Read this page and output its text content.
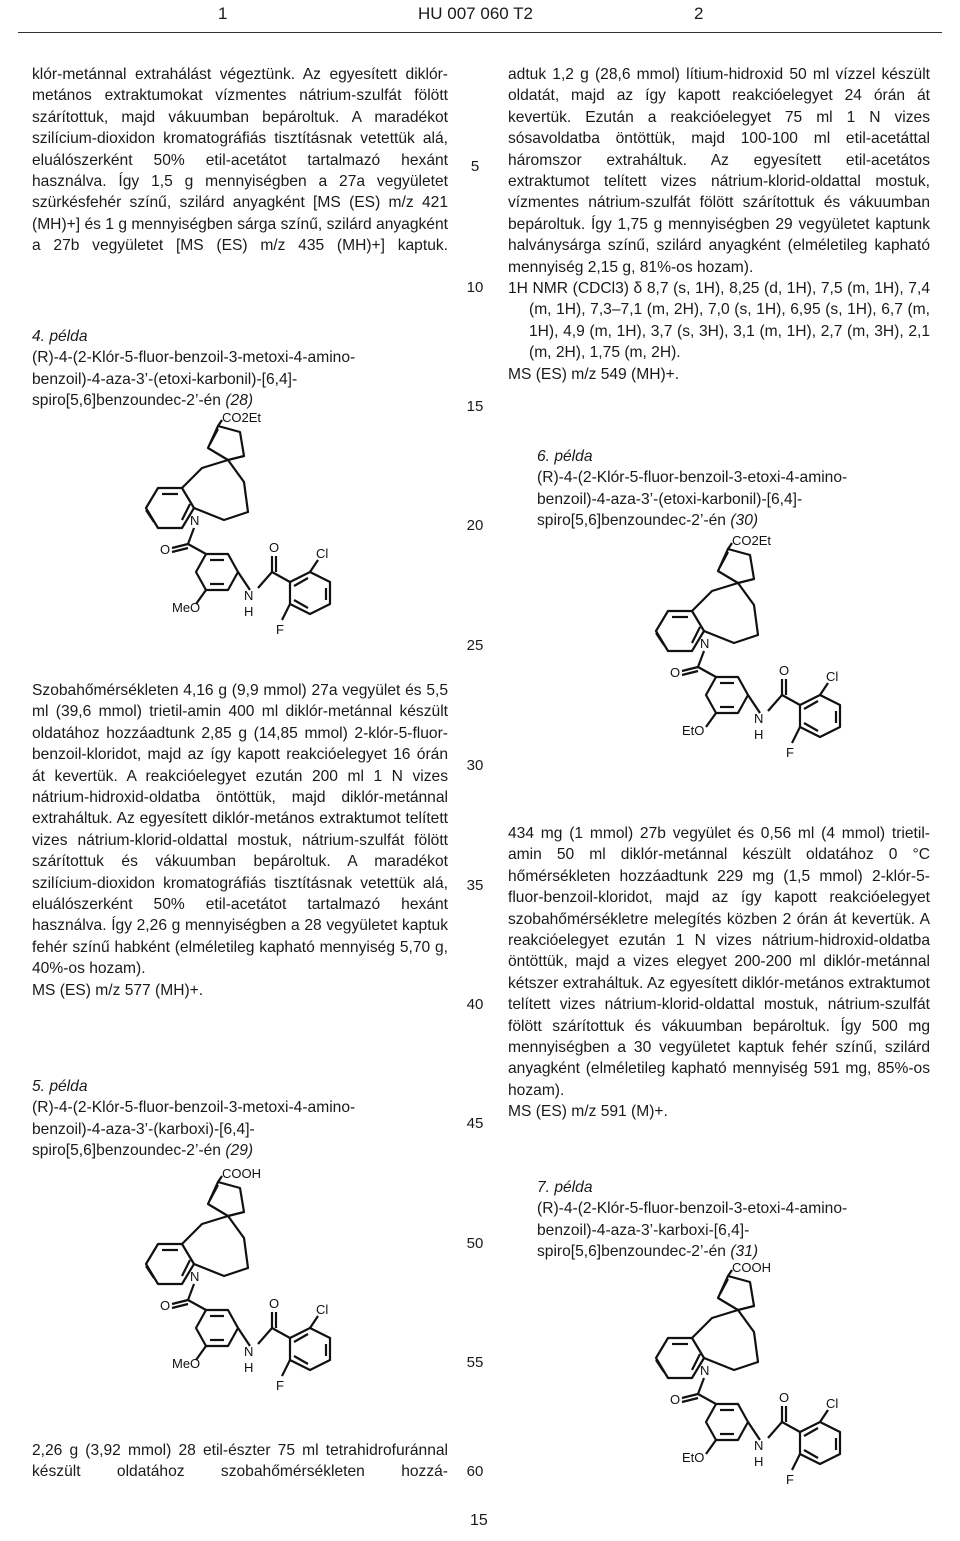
1	HU 007 060 T2	2
5
10
15
20
25
30
35
40
45
50
55
60

klór-metánnal extrahálást végeztünk. Az egyesített diklór-metános extraktumokat vízmentes nátrium-szulfát fölött szárítottuk, majd vákuumban bepároltuk. A maradékot szilícium-dioxidon kromatográfiás tisztításnak vetettük alá, eluálószerként 50% etil-acetátot tartalmazó hexánt használva. Így 1,5 g mennyiségben a 27a vegyületet szürkésfehér színű, szilárd anyagként [MS (ES) m/z 421 (MH)+] és 1 g mennyiségben sárga színű, szilárd anyagként a 27b vegyületet [MS (ES) m/z 435 (MH)+] kaptuk.

4. példa
(R)-4-(2-Klór-5-fluor-benzoil-3-metoxi-4-amino-
benzoil)-4-aza-3’-(etoxi-karbonil)-[6,4]-
spiro[5,6]benzoundec-2’-én (28)
CO2Et
N
O
MeO
N
H
O	Cl
F

Szobahőmérsékleten 4,16 g (9,9 mmol) 27a vegyület és 5,5 ml (39,6 mmol) trietil-amin 400 ml diklór-metánnal készült oldatához hozzáadtunk 2,85 g (14,85 mmol) 2-klór-5-fluor-benzoil-kloridot, majd az így kapott reakcióelegyet 16 órán át kevertük. A reakcióelegyet ezután 200 ml 1 N vizes nátrium-hidroxid-oldatba öntöttük, majd diklór-metánnal extraháltuk. Az egyesített diklór-metános extraktumot telített vizes nátrium-klorid-oldattal mostuk, nátrium-szulfát fölött szárítottuk és vákuumban bepároltuk. A maradékot szilícium-dioxidon kromatográfiás tisztításnak vetettük alá, eluálószerként 50% etil-acetátot tartalmazó hexánt használva. Így 2,26 g mennyiségben a 28 vegyületet kaptuk fehér színű habként (elméletileg kapható mennyiség 5,70 g, 40%-os hozam).

MS (ES) m/z 577 (MH)+.

5. példa
(R)-4-(2-Klór-5-fluor-benzoil-3-metoxi-4-amino-
benzoil)-4-aza-3’-(karboxi)-[6,4]-
spiro[5,6]benzoundec-2’-én (29)
COOH
N
O
MeO
N
H
O	Cl
F

2,26 g (3,92 mmol) 28 etil-észter 75 ml tetrahidrofuránnal készült oldatához szobahőmérsékleten hozzá-

adtuk 1,2 g (28,6 mmol) lítium-hidroxid 50 ml vízzel készült oldatát, majd az így kapott reakcióelegyet 24 órán át kevertük. Ezután a reakcióelegyet 75 ml 1 N vizes sósavoldatba öntöttük, majd 100-100 ml etil-acetáttal háromszor extraháltuk. Az egyesített etil-acetátos extraktumot telített vizes nátrium-klorid-oldattal mostuk, vízmentes nátrium-szulfát fölött szárítottuk és vákuumban bepároltuk. Így 1,75 g mennyiségben 29 vegyületet kaptunk halványsárga színű, szilárd anyagként (elméletileg kapható mennyiség 2,15 g, 81%-os hozam).

1H NMR (CDCl3) δ 8,7 (s, 1H), 8,25 (d, 1H), 7,5 (m, 1H), 7,4 (m, 1H), 7,3–7,1 (m, 2H), 7,0 (s, 1H), 6,95 (s, 1H), 6,7 (m, 1H), 4,9 (m, 1H), 3,7 (s, 3H), 3,1 (m, 1H), 2,7 (m, 3H), 2,1 (m, 2H), 1,75 (m, 2H).

MS (ES) m/z 549 (MH)+.

6. példa
(R)-4-(2-Klór-5-fluor-benzoil-3-etoxi-4-amino-
benzoil)-4-aza-3’-(etoxi-karbonil)-[6,4]-
spiro[5,6]benzoundec-2’-én (30)
CO2Et
N
O
EtO
N
H
O	Cl
F

434 mg (1 mmol) 27b vegyület és 0,56 ml (4 mmol) trietil-amin 50 ml diklór-metánnal készült oldatához 0 °C hőmérsékleten hozzáadtunk 229 mg (1,5 mmol) 2-klór-5-fluor-benzoil-kloridot, majd az így kapott reakcióelegyet szobahőmérsékletre melegítés közben 2 órán át kevertük. A reakcióelegyet ezután 1 N vizes nátrium-hidroxid-oldatba öntöttük, majd a vizes elegyet 200-200 ml diklór-metánnal kétszer extraháltuk. Az egyesített diklór-metános extraktumot telített vizes nátrium-klorid-oldattal mostuk, nátrium-szulfát fölött szárítottuk és vákuumban bepároltuk. Így 500 mg mennyiségben a 30 vegyületet kaptuk fehér színű, szilárd anyagként (elméletileg kapható mennyiség 591 mg, 85%-os hozam).

MS (ES) m/z 591 (M)+.

7. példa
(R)-4-(2-Klór-5-fluor-benzoil-3-etoxi-4-amino-
benzoil)-4-aza-3’-karboxi-[6,4]-
spiro[5,6]benzoundec-2’-én (31)
COOH
N
O
EtO
N
H
O	Cl
F
15
